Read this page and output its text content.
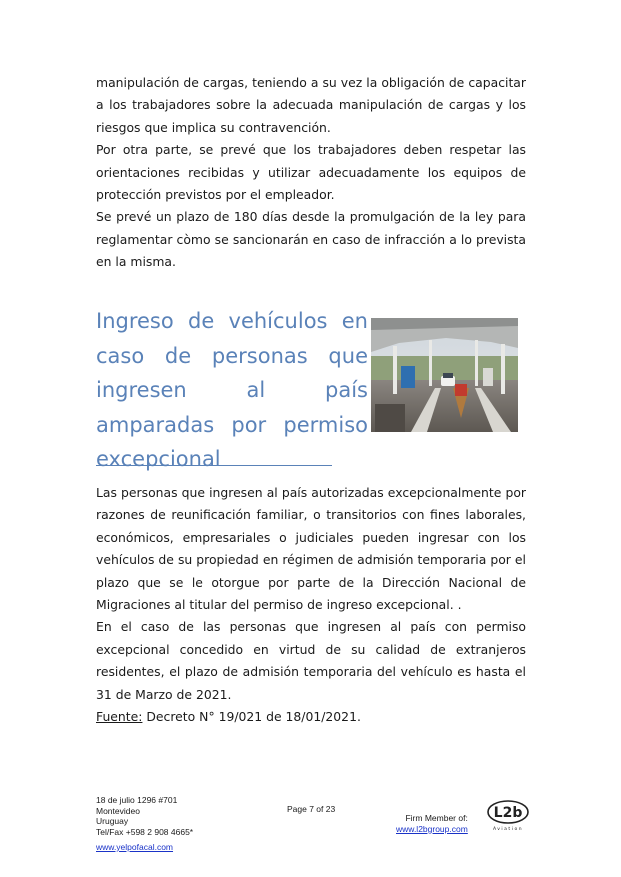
manipulación de cargas, teniendo a su vez la obligación de capacitar a los trabajadores sobre la adecuada manipulación de cargas y los riesgos que implica su contravención.
Por otra parte, se prevé que los trabajadores deben respetar las orientaciones recibidas y utilizar adecuadamente los equipos de protección previstos por el empleador.
Se prevé un plazo de 180 días desde la promulgación de la ley para reglamentar còmo se sancionarán en caso de infracción a lo prevista en la misma.
Ingreso de vehículos en caso de personas que ingresen al país amparadas por permiso excepcional
Las personas que ingresen al país autorizadas excepcionalmente por razones de reunificación familiar, o transitorios con fines laborales, económicos, empresariales o judiciales pueden ingresar con los vehículos de su propiedad en régimen de admisión temporaria por el plazo que se le otorgue por parte de la Dirección Nacional de Migraciones al titular del permiso de ingreso excepcional. .
En el caso de las personas que ingresen al país con permiso excepcional concedido en virtud de su calidad de extranjeros residentes, el plazo de admisión temporaria del vehículo es hasta el 31 de Marzo de 2021.
Fuente: Decreto N° 19/021 de 18/01/2021.
18 de julio 1296 #701
Montevideo
Uruguay
Tel/Fax +598 2 908 4665*
Page 7 of 23
Firm Member of:
www.l2bgroup.com
L2b
Aviation
www.yelpofacal.com
